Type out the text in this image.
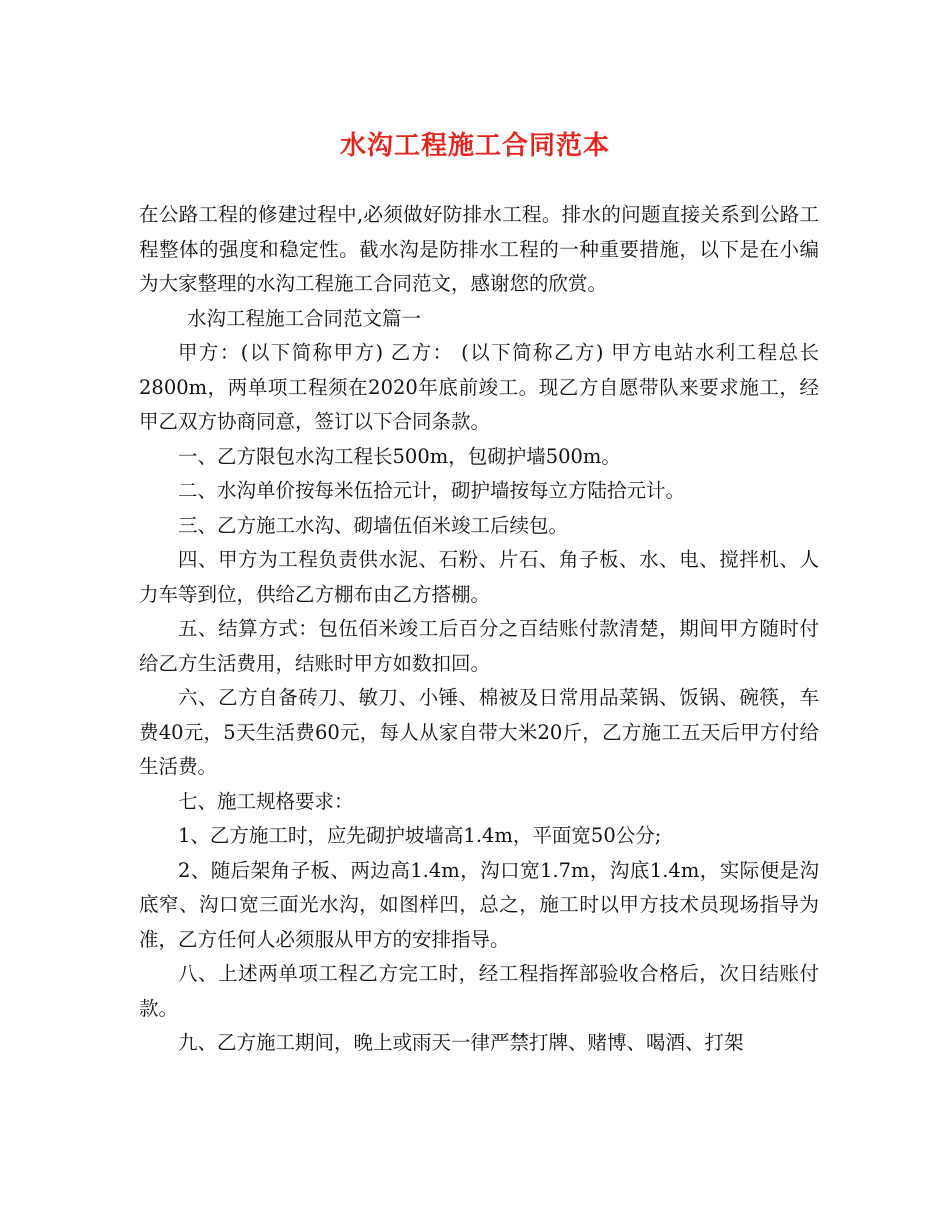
水沟工程施工合同范本

在公路工程的修建过程中,必须做好防排水工程。排水的问题直接关系到公路工程整体的强度和稳定性。截水沟是防排水工程的一种重要措施，以下是在小编为大家整理的水沟工程施工合同范文，感谢您的欣赏。

水沟工程施工合同范文篇一

甲方：(以下简称甲方) 乙方： (以下简称乙方) 甲方电站水利工程总长2800m，两单项工程须在2020年底前竣工。现乙方自愿带队来要求施工，经甲乙双方协商同意，签订以下合同条款。

一、乙方限包水沟工程长500m，包砌护墙500m。

二、水沟单价按每米伍拾元计，砌护墙按每立方陆拾元计。

三、乙方施工水沟、砌墙伍佰米竣工后续包。

四、甲方为工程负责供水泥、石粉、片石、角子板、水、电、搅拌机、人力车等到位，供给乙方棚布由乙方搭棚。

五、结算方式：包伍佰米竣工后百分之百结账付款清楚，期间甲方随时付给乙方生活费用，结账时甲方如数扣回。

六、乙方自备砖刀、敏刀、小锤、棉被及日常用品菜锅、饭锅、碗筷，车费40元，5天生活费60元，每人从家自带大米20斤，乙方施工五天后甲方付给生活费。

七、施工规格要求：

1、乙方施工时，应先砌护坡墙高1.4m，平面宽50公分;

2、随后架角子板、两边高1.4m，沟口宽1.7m，沟底1.4m，实际便是沟底窄、沟口宽三面光水沟，如图样凹，总之，施工时以甲方技术员现场指导为准，乙方任何人必须服从甲方的安排指导。

八、上述两单项工程乙方完工时，经工程指挥部验收合格后，次日结账付款。

九、乙方施工期间，晚上或雨天一律严禁打牌、赌博、喝酒、打架
